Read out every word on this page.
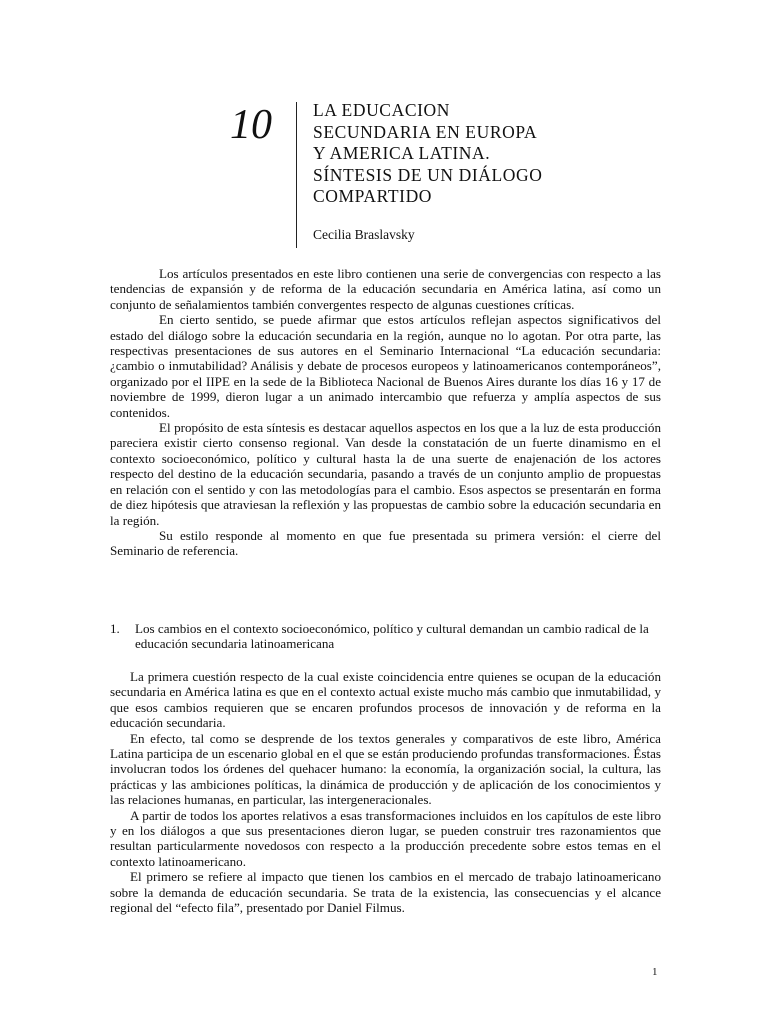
10 LA EDUCACION
SECUNDARIA EN EUROPA
Y AMERICA LATINA.
SÍNTESIS DE UN DIÁLOGO
COMPARTIDO
Cecilia Braslavsky

Los artículos presentados en este libro contienen una serie de convergencias con respecto a las tendencias de expansión y de reforma de la educación secundaria en América latina, así como un conjunto de señalamientos también convergentes respecto de algunas cuestiones críticas.

En cierto sentido, se puede afirmar que estos artículos reflejan aspectos significativos del estado del diálogo sobre la educación secundaria en la región, aunque no lo agotan. Por otra parte, las respectivas presentaciones de sus autores en el Seminario Internacional “La educación secundaria: ¿cambio o inmutabilidad? Análisis y debate de procesos europeos y latinoamericanos contemporáneos”, organizado por el IIPE en la sede de la Biblioteca Nacional de Buenos Aires durante los días 16 y 17 de noviembre de 1999, dieron lugar a un animado intercambio que refuerza y amplía aspectos de sus contenidos.

El propósito de esta síntesis es destacar aquellos aspectos en los que a la luz de esta producción pareciera existir cierto consenso regional. Van desde la constatación de un fuerte dinamismo en el contexto socioeconómico, político y cultural hasta la de una suerte de enajenación de los actores respecto del destino de la educación secundaria, pasando a través de un conjunto amplio de propuestas en relación con el sentido y con las metodologías para el cambio. Esos aspectos se presentarán en forma de diez hipótesis que atraviesan la reflexión y las propuestas de cambio sobre la educación secundaria en la región.

Su estilo responde al momento en que fue presentada su primera versión: el cierre del Seminario de referencia.

1. Los cambios en el contexto socioeconómico, político y cultural demandan un cambio radical de la educación secundaria latinoamericana

La primera cuestión respecto de la cual existe coincidencia entre quienes se ocupan de la educación secundaria en América latina es que en el contexto actual existe mucho más cambio que inmutabilidad, y que esos cambios requieren que se encaren profundos procesos de innovación y de reforma en la educación secundaria.

En efecto, tal como se desprende de los textos generales y comparativos de este libro, América Latina participa de un escenario global en el que se están produciendo profundas transformaciones. Éstas involucran todos los órdenes del quehacer humano: la economía, la organización social, la cultura, las prácticas y las ambiciones políticas, la dinámica de producción y de aplicación de los conocimientos y las relaciones humanas, en particular, las intergeneracionales.

A partir de todos los aportes relativos a esas transformaciones incluidos en los capítulos de este libro y en los diálogos a que sus presentaciones dieron lugar, se pueden construir tres razonamientos que resultan particularmente novedosos con respecto a la producción precedente sobre estos temas en el contexto latinoamericano.

El primero se refiere al impacto que tienen los cambios en el mercado de trabajo latinoamericano sobre la demanda de educación secundaria. Se trata de la existencia, las consecuencias y el alcance regional del “efecto fila”, presentado por Daniel Filmus.

1
